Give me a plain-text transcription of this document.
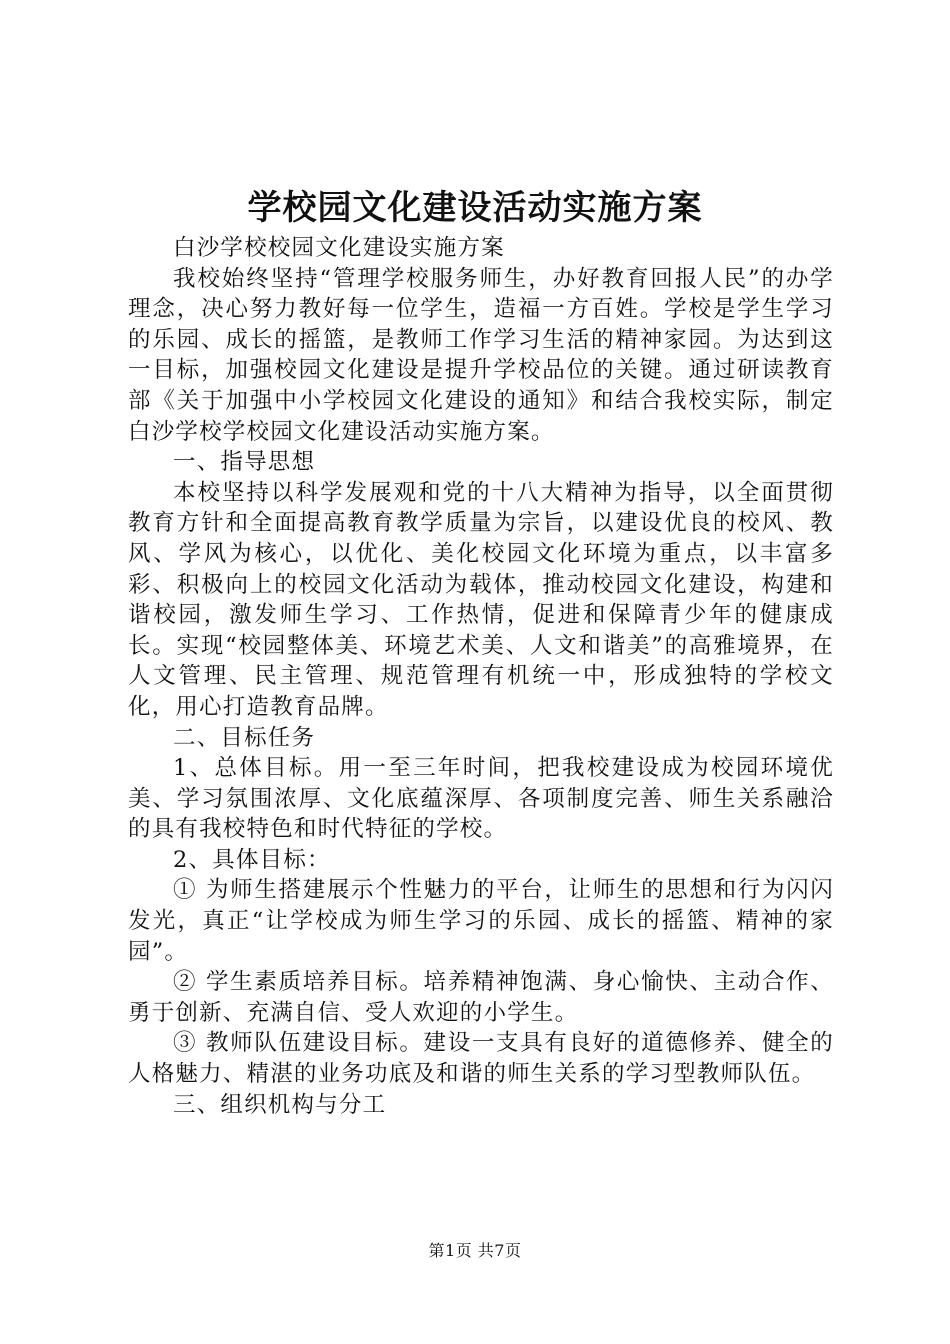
学校园文化建设活动实施方案

白沙学校校园文化建设实施方案

我校始终坚持“管理学校服务师生，办好教育回报人民”的办学理念，决心努力教好每一位学生，造福一方百姓。学校是学生学习的乐园、成长的摇篮，是教师工作学习生活的精神家园。为达到这一目标，加强校园文化建设是提升学校品位的关键。通过研读教育部《关于加强中小学校园文化建设的通知》和结合我校实际，制定白沙学校学校园文化建设活动实施方案。

一、指导思想

本校坚持以科学发展观和党的十八大精神为指导，以全面贯彻教育方针和全面提高教育教学质量为宗旨，以建设优良的校风、教风、学风为核心，以优化、美化校园文化环境为重点，以丰富多彩、积极向上的校园文化活动为载体，推动校园文化建设，构建和谐校园，激发师生学习、工作热情，促进和保障青少年的健康成长。实现“校园整体美、环境艺术美、人文和谐美”的高雅境界，在人文管理、民主管理、规范管理有机统一中，形成独特的学校文化，用心打造教育品牌。

二、目标任务

1、总体目标。用一至三年时间，把我校建设成为校园环境优美、学习氛围浓厚、文化底蕴深厚、各项制度完善、师生关系融洽的具有我校特色和时代特征的学校。

2、具体目标：

① 为师生搭建展示个性魅力的平台，让师生的思想和行为闪闪发光，真正“让学校成为师生学习的乐园、成长的摇篮、精神的家园”。

② 学生素质培养目标。培养精神饱满、身心愉快、主动合作、勇于创新、充满自信、受人欢迎的小学生。

③ 教师队伍建设目标。建设一支具有良好的道德修养、健全的人格魅力、精湛的业务功底及和谐的师生关系的学习型教师队伍。

三、组织机构与分工

第1页 共7页
